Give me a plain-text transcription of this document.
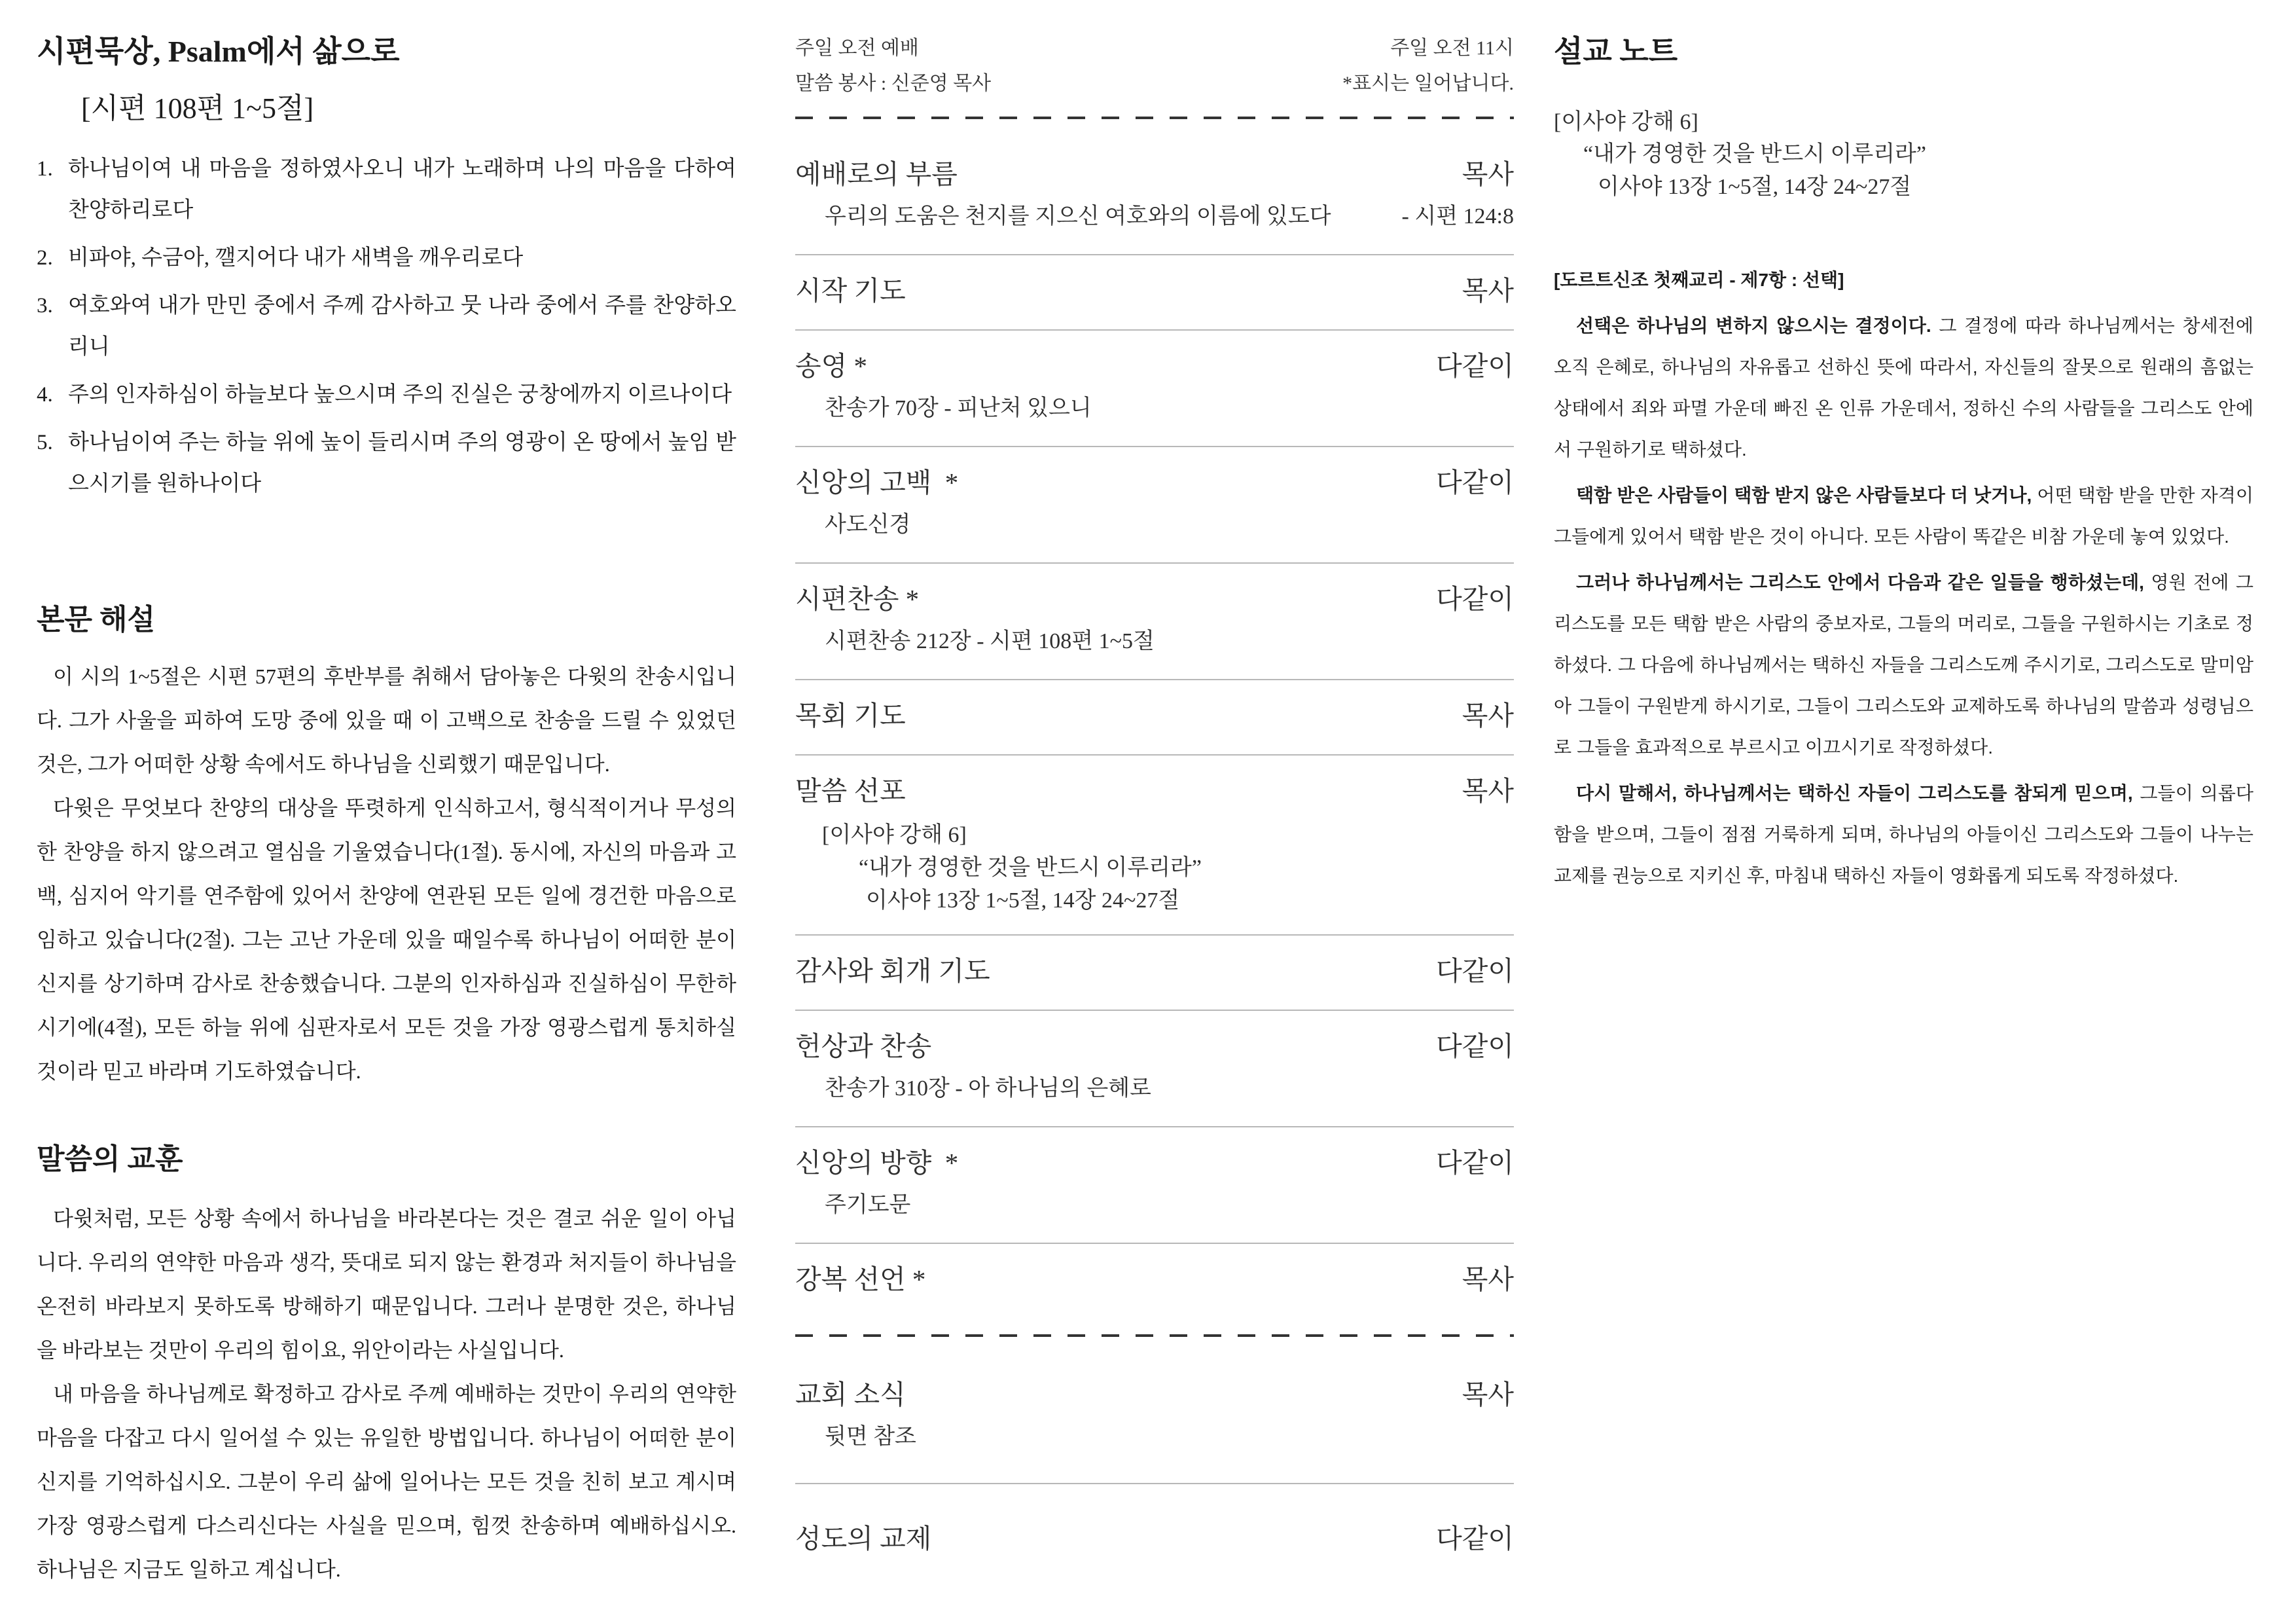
시편묵상, Psalm에서 삶으로
[시편 108편 1~5절]
1. 하나님이여 내 마음을 정하였사오니 내가 노래하며 나의 마음을 다하여 찬양하리로다
2. 비파야, 수금아, 깰지어다 내가 새벽을 깨우리로다
3. 여호와여 내가 만민 중에서 주께 감사하고 뭇 나라 중에서 주를 찬양하오리니
4. 주의 인자하심이 하늘보다 높으시며 주의 진실은 궁창에까지 이르나이다
5. 하나님이여 주는 하늘 위에 높이 들리시며 주의 영광이 온 땅에서 높임 받으시기를 원하나이다
본문 해설

이 시의 1~5절은 시편 57편의 후반부를 취해서 담아놓은 다윗의 찬송시입니다. 그가 사울을 피하여 도망 중에 있을 때 이 고백으로 찬송을 드릴 수 있었던 것은, 그가 어떠한 상황 속에서도 하나님을 신뢰했기 때문입니다.

다윗은 무엇보다 찬양의 대상을 뚜렷하게 인식하고서, 형식적이거나 무성의한 찬양을 하지 않으려고 열심을 기울였습니다(1절). 동시에, 자신의 마음과 고백, 심지어 악기를 연주함에 있어서 찬양에 연관된 모든 일에 경건한 마음으로 임하고 있습니다(2절). 그는 고난 가운데 있을 때일수록 하나님이 어떠한 분이신지를 상기하며 감사로 찬송했습니다. 그분의 인자하심과 진실하심이 무한하시기에(4절), 모든 하늘 위에 심판자로서 모든 것을 가장 영광스럽게 통치하실 것이라 믿고 바라며 기도하였습니다.

말씀의 교훈

다윗처럼, 모든 상황 속에서 하나님을 바라본다는 것은 결코 쉬운 일이 아닙니다. 우리의 연약한 마음과 생각, 뜻대로 되지 않는 환경과 처지들이 하나님을 온전히 바라보지 못하도록 방해하기 때문입니다. 그러나 분명한 것은, 하나님을 바라보는 것만이 우리의 힘이요, 위안이라는 사실입니다.

내 마음을 하나님께로 확정하고 감사로 주께 예배하는 것만이 우리의 연약한 마음을 다잡고 다시 일어설 수 있는 유일한 방법입니다. 하나님이 어떠한 분이신지를 기억하십시오. 그분이 우리 삶에 일어나는 모든 것을 친히 보고 계시며 가장 영광스럽게 다스리신다는 사실을 믿으며, 힘껏 찬송하며 예배하십시오. 하나님은 지금도 일하고 계십니다.

주일 오전 예배	주일 오전 11시
말씀 봉사 : 신준영 목사	*표시는 일어납니다.
예배로의 부름	목사
우리의 도움은 천지를 지으신 여호와의 이름에 있도다	- 시편 124:8
시작 기도	목사
송영 *	다같이
찬송가 70장 - 피난처 있으니
신앙의 고백  *	다같이
사도신경
시편찬송 *	다같이
시편찬송 212장 - 시편 108편 1~5절
목회 기도	목사
말씀 선포	목사
[이사야 강해 6]
“내가 경영한 것을 반드시 이루리라”
이사야 13장 1~5절, 14장 24~27절
감사와 회개 기도	다같이
헌상과 찬송	다같이
찬송가 310장 - 아 하나님의 은혜로
신앙의 방향  *	다같이
주기도문
강복 선언 *	목사
교회 소식	목사
뒷면 참조
성도의 교제	다같이
설교 노트
[이사야 강해 6]
“내가 경영한 것을 반드시 이루리라”
이사야 13장 1~5절, 14장 24~27절
[도르트신조 첫째교리 - 제7항 : 선택]

선택은 하나님의 변하지 않으시는 결정이다. 그 결정에 따라 하나님께서는 창세전에 오직 은혜로, 하나님의 자유롭고 선하신 뜻에 따라서, 자신들의 잘못으로 원래의 흠없는 상태에서 죄와 파멸 가운데 빠진 온 인류 가운데서, 정하신 수의 사람들을 그리스도 안에서 구원하기로 택하셨다.

택함 받은 사람들이 택함 받지 않은 사람들보다 더 낫거나, 어떤 택함 받을 만한 자격이 그들에게 있어서 택함 받은 것이 아니다. 모든 사람이 똑같은 비참 가운데 놓여 있었다.

그러나 하나님께서는 그리스도 안에서 다음과 같은 일들을 행하셨는데, 영원 전에 그리스도를 모든 택함 받은 사람의 중보자로, 그들의 머리로, 그들을 구원하시는 기초로 정하셨다. 그 다음에 하나님께서는 택하신 자들을 그리스도께 주시기로, 그리스도로 말미암아 그들이 구원받게 하시기로, 그들이 그리스도와 교제하도록 하나님의 말씀과 성령님으로 그들을 효과적으로 부르시고 이끄시기로 작정하셨다.

다시 말해서, 하나님께서는 택하신 자들이 그리스도를 참되게 믿으며, 그들이 의롭다 함을 받으며, 그들이 점점 거룩하게 되며, 하나님의 아들이신 그리스도와 그들이 나누는 교제를 권능으로 지키신 후, 마침내 택하신 자들이 영화롭게 되도록 작정하셨다.
